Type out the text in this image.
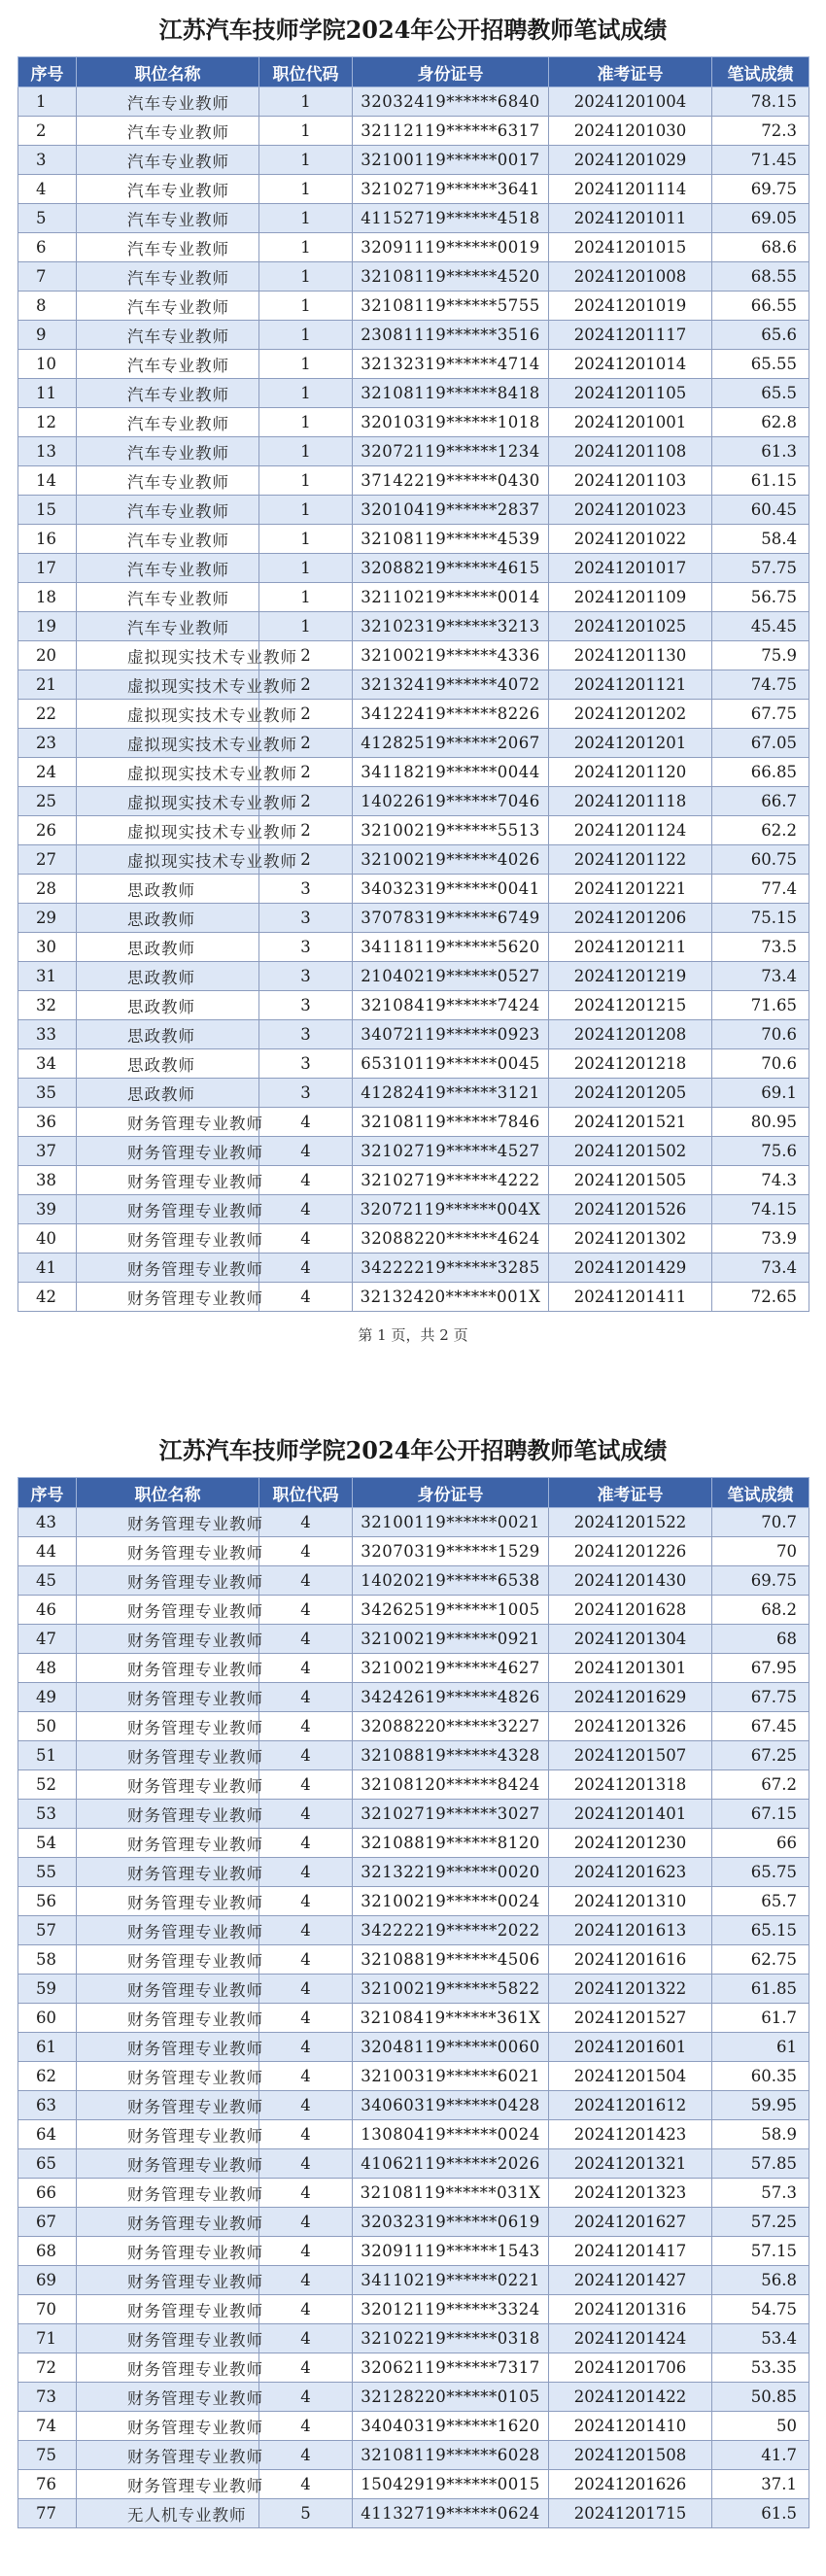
江苏汽车技师学院2024年公开招聘教师笔试成绩
序号	职位名称	职位代码	身份证号	准考证号	笔试成绩
1	汽车专业教师	1	32032419******6840	20241201004	78.15
2	汽车专业教师	1	32112119******6317	20241201030	72.3
3	汽车专业教师	1	32100119******0017	20241201029	71.45
4	汽车专业教师	1	32102719******3641	20241201114	69.75
5	汽车专业教师	1	41152719******4518	20241201011	69.05
6	汽车专业教师	1	32091119******0019	20241201015	68.6
7	汽车专业教师	1	32108119******4520	20241201008	68.55
8	汽车专业教师	1	32108119******5755	20241201019	66.55
9	汽车专业教师	1	23081119******3516	20241201117	65.6
10	汽车专业教师	1	32132319******4714	20241201014	65.55
11	汽车专业教师	1	32108119******8418	20241201105	65.5
12	汽车专业教师	1	32010319******1018	20241201001	62.8
13	汽车专业教师	1	32072119******1234	20241201108	61.3
14	汽车专业教师	1	37142219******0430	20241201103	61.15
15	汽车专业教师	1	32010419******2837	20241201023	60.45
16	汽车专业教师	1	32108119******4539	20241201022	58.4
17	汽车专业教师	1	32088219******4615	20241201017	57.75
18	汽车专业教师	1	32110219******0014	20241201109	56.75
19	汽车专业教师	1	32102319******3213	20241201025	45.45
20	虚拟现实技术专业教师	2	32100219******4336	20241201130	75.9
21	虚拟现实技术专业教师	2	32132419******4072	20241201121	74.75
22	虚拟现实技术专业教师	2	34122419******8226	20241201202	67.75
23	虚拟现实技术专业教师	2	41282519******2067	20241201201	67.05
24	虚拟现实技术专业教师	2	34118219******0044	20241201120	66.85
25	虚拟现实技术专业教师	2	14022619******7046	20241201118	66.7
26	虚拟现实技术专业教师	2	32100219******5513	20241201124	62.2
27	虚拟现实技术专业教师	2	32100219******4026	20241201122	60.75
28	思政教师	3	34032319******0041	20241201221	77.4
29	思政教师	3	37078319******6749	20241201206	75.15
30	思政教师	3	34118119******5620	20241201211	73.5
31	思政教师	3	21040219******0527	20241201219	73.4
32	思政教师	3	32108419******7424	20241201215	71.65
33	思政教师	3	34072119******0923	20241201208	70.6
34	思政教师	3	65310119******0045	20241201218	70.6
35	思政教师	3	41282419******3121	20241201205	69.1
36	财务管理专业教师	4	32108119******7846	20241201521	80.95
37	财务管理专业教师	4	32102719******4527	20241201502	75.6
38	财务管理专业教师	4	32102719******4222	20241201505	74.3
39	财务管理专业教师	4	32072119******004X	20241201526	74.15
40	财务管理专业教师	4	32088220******4624	20241201302	73.9
41	财务管理专业教师	4	34222219******3285	20241201429	73.4
42	财务管理专业教师	4	32132420******001X	20241201411	72.65
第 1 页，共 2 页
江苏汽车技师学院2024年公开招聘教师笔试成绩
序号	职位名称	职位代码	身份证号	准考证号	笔试成绩
43	财务管理专业教师	4	32100119******0021	20241201522	70.7
44	财务管理专业教师	4	32070319******1529	20241201226	70
45	财务管理专业教师	4	14020219******6538	20241201430	69.75
46	财务管理专业教师	4	34262519******1005	20241201628	68.2
47	财务管理专业教师	4	32100219******0921	20241201304	68
48	财务管理专业教师	4	32100219******4627	20241201301	67.95
49	财务管理专业教师	4	34242619******4826	20241201629	67.75
50	财务管理专业教师	4	32088220******3227	20241201326	67.45
51	财务管理专业教师	4	32108819******4328	20241201507	67.25
52	财务管理专业教师	4	32108120******8424	20241201318	67.2
53	财务管理专业教师	4	32102719******3027	20241201401	67.15
54	财务管理专业教师	4	32108819******8120	20241201230	66
55	财务管理专业教师	4	32132219******0020	20241201623	65.75
56	财务管理专业教师	4	32100219******0024	20241201310	65.7
57	财务管理专业教师	4	34222219******2022	20241201613	65.15
58	财务管理专业教师	4	32108819******4506	20241201616	62.75
59	财务管理专业教师	4	32100219******5822	20241201322	61.85
60	财务管理专业教师	4	32108419******361X	20241201527	61.7
61	财务管理专业教师	4	32048119******0060	20241201601	61
62	财务管理专业教师	4	32100319******6021	20241201504	60.35
63	财务管理专业教师	4	34060319******0428	20241201612	59.95
64	财务管理专业教师	4	13080419******0024	20241201423	58.9
65	财务管理专业教师	4	41062119******2026	20241201321	57.85
66	财务管理专业教师	4	32108119******031X	20241201323	57.3
67	财务管理专业教师	4	32032319******0619	20241201627	57.25
68	财务管理专业教师	4	32091119******1543	20241201417	57.15
69	财务管理专业教师	4	34110219******0221	20241201427	56.8
70	财务管理专业教师	4	32012119******3324	20241201316	54.75
71	财务管理专业教师	4	32102219******0318	20241201424	53.4
72	财务管理专业教师	4	32062119******7317	20241201706	53.35
73	财务管理专业教师	4	32128220******0105	20241201422	50.85
74	财务管理专业教师	4	34040319******1620	20241201410	50
75	财务管理专业教师	4	32108119******6028	20241201508	41.7
76	财务管理专业教师	4	15042919******0015	20241201626	37.1
77	无人机专业教师	5	41132719******0624	20241201715	61.5
